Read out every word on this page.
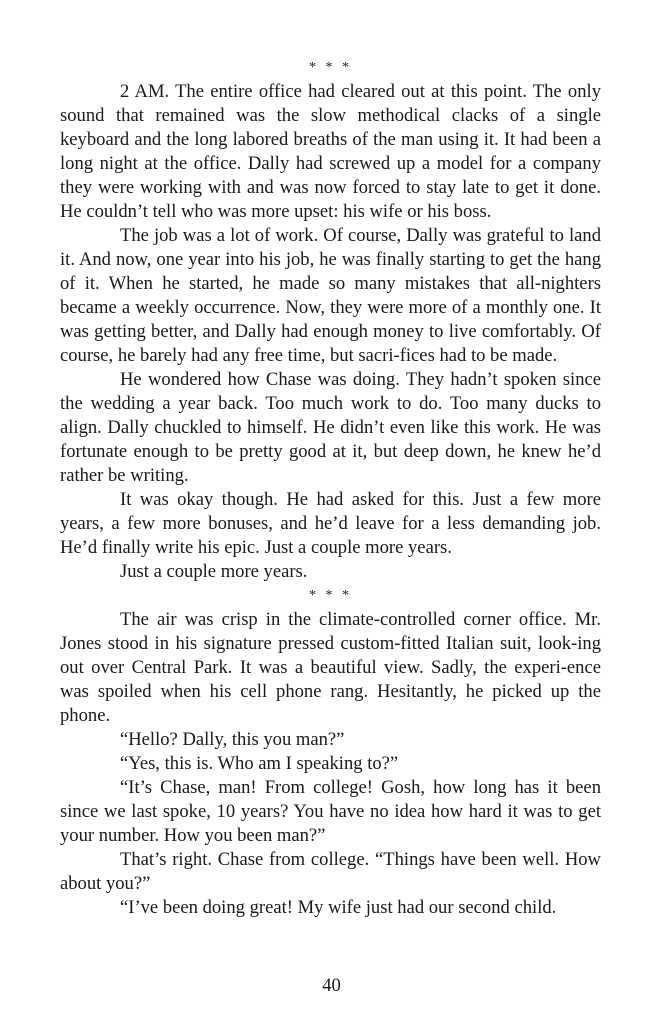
* * *

2 AM. The entire office had cleared out at this point. The only sound that remained was the slow methodical clacks of a single keyboard and the long labored breaths of the man using it. It had been a long night at the office. Dally had screwed up a model for a company they were working with and was now forced to stay late to get it done. He couldn’t tell who was more upset: his wife or his boss.

The job was a lot of work. Of course, Dally was grateful to land it. And now, one year into his job, he was finally starting to get the hang of it. When he started, he made so many mistakes that all-nighters became a weekly occurrence. Now, they were more of a monthly one. It was getting better, and Dally had enough money to live comfortably. Of course, he barely had any free time, but sacri-fices had to be made.

He wondered how Chase was doing. They hadn’t spoken since the wedding a year back. Too much work to do. Too many ducks to align. Dally chuckled to himself. He didn’t even like this work. He was fortunate enough to be pretty good at it, but deep down, he knew he’d rather be writing.

It was okay though. He had asked for this. Just a few more years, a few more bonuses, and he’d leave for a less demanding job. He’d finally write his epic. Just a couple more years.

Just a couple more years.

* * *

The air was crisp in the climate-controlled corner office. Mr. Jones stood in his signature pressed custom-fitted Italian suit, look-ing out over Central Park. It was a beautiful view. Sadly, the experi-ence was spoiled when his cell phone rang. Hesitantly, he picked up the phone.

“Hello? Dally, this you man?”

“Yes, this is. Who am I speaking to?”

“It’s Chase, man! From college! Gosh, how long has it been since we last spoke, 10 years? You have no idea how hard it was to get your number. How you been man?”

That’s right. Chase from college. “Things have been well. How about you?”

“I’ve been doing great! My wife just had our second child.

40
